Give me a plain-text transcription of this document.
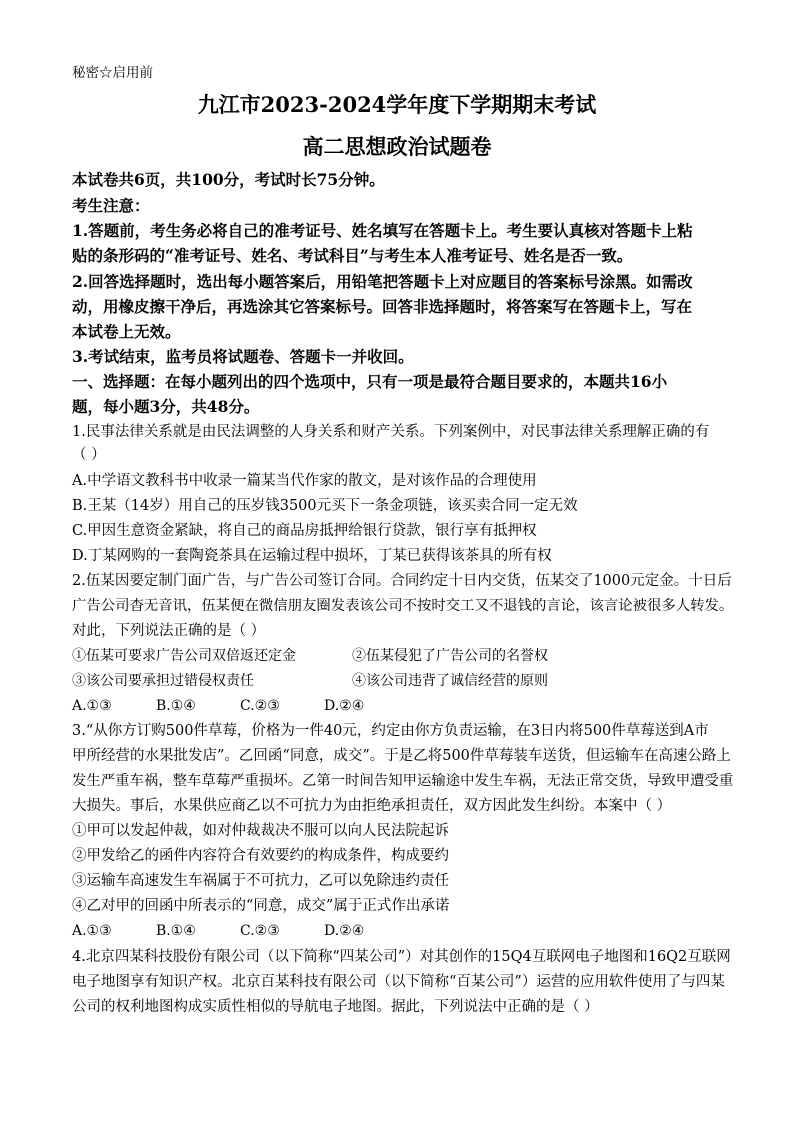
秘密☆启用前
九江市2023-2024学年度下学期期末考试
高二思想政治试题卷
本试卷共6页，共100分，考试时长75分钟。
考生注意：
1.答题前，考生务必将自己的准考证号、姓名填写在答题卡上。考生要认真核对答题卡上粘
贴的条形码的“准考证号、姓名、考试科目”与考生本人准考证号、姓名是否一致。
2.回答选择题时，选出每小题答案后，用铅笔把答题卡上对应题目的答案标号涂黑。如需改
动，用橡皮擦干净后，再选涂其它答案标号。回答非选择题时，将答案写在答题卡上，写在
本试卷上无效。
3.考试结束，监考员将试题卷、答题卡一并收回。
一、选择题：在每小题列出的四个选项中，只有一项是最符合题目要求的，本题共16小
题，每小题3分，共48分。
1.民事法律关系就是由民法调整的人身关系和财产关系。下列案例中，对民事法律关系理解正确的有
（ ）
A.中学语文教科书中收录一篇某当代作家的散文，是对该作品的合理使用
B.王某（14岁）用自己的压岁钱3500元买下一条金项链，该买卖合同一定无效
C.甲因生意资金紧缺，将自己的商品房抵押给银行贷款，银行享有抵押权
D.丁某网购的一套陶瓷茶具在运输过程中损坏，丁某已获得该茶具的所有权
2.伍某因要定制门面广告，与广告公司签订合同。合同约定十日内交货，伍某交了1000元定金。十日后
广告公司杳无音讯，伍某便在微信朋友圈发表该公司不按时交工又不退钱的言论，该言论被很多人转发。
对此，下列说法正确的是（ ）
①伍某可要求广告公司双倍返还定金	②伍某侵犯了广告公司的名誉权
③该公司要承担过错侵权责任	④该公司违背了诚信经营的原则
A.①③	B.①④	C.②③	D.②④
3.“从你方订购500件草莓，价格为一件40元，约定由你方负责运输，在3日内将500件草莓送到A市
甲所经营的水果批发店”。乙回函“同意，成交”。于是乙将500件草莓装车送货，但运输车在高速公路上
发生严重车祸，整车草莓严重损坏。乙第一时间告知甲运输途中发生车祸，无法正常交货，导致甲遭受重
大损失。事后，水果供应商乙以不可抗力为由拒绝承担责任，双方因此发生纠纷。本案中（ ）
①甲可以发起仲裁，如对仲裁裁决不服可以向人民法院起诉
②甲发给乙的函件内容符合有效要约的构成条件，构成要约
③运输车高速发生车祸属于不可抗力，乙可以免除违约责任
④乙对甲的回函中所表示的“同意，成交”属于正式作出承诺
A.①③	B.①④	C.②③	D.②④
4.北京四某科技股份有限公司（以下简称“四某公司”）对其创作的15Q4互联网电子地图和16Q2互联网
电子地图享有知识产权。北京百某科技有限公司（以下简称“百某公司”）运营的应用软件使用了与四某
公司的权利地图构成实质性相似的导航电子地图。据此，下列说法中正确的是（ ）
